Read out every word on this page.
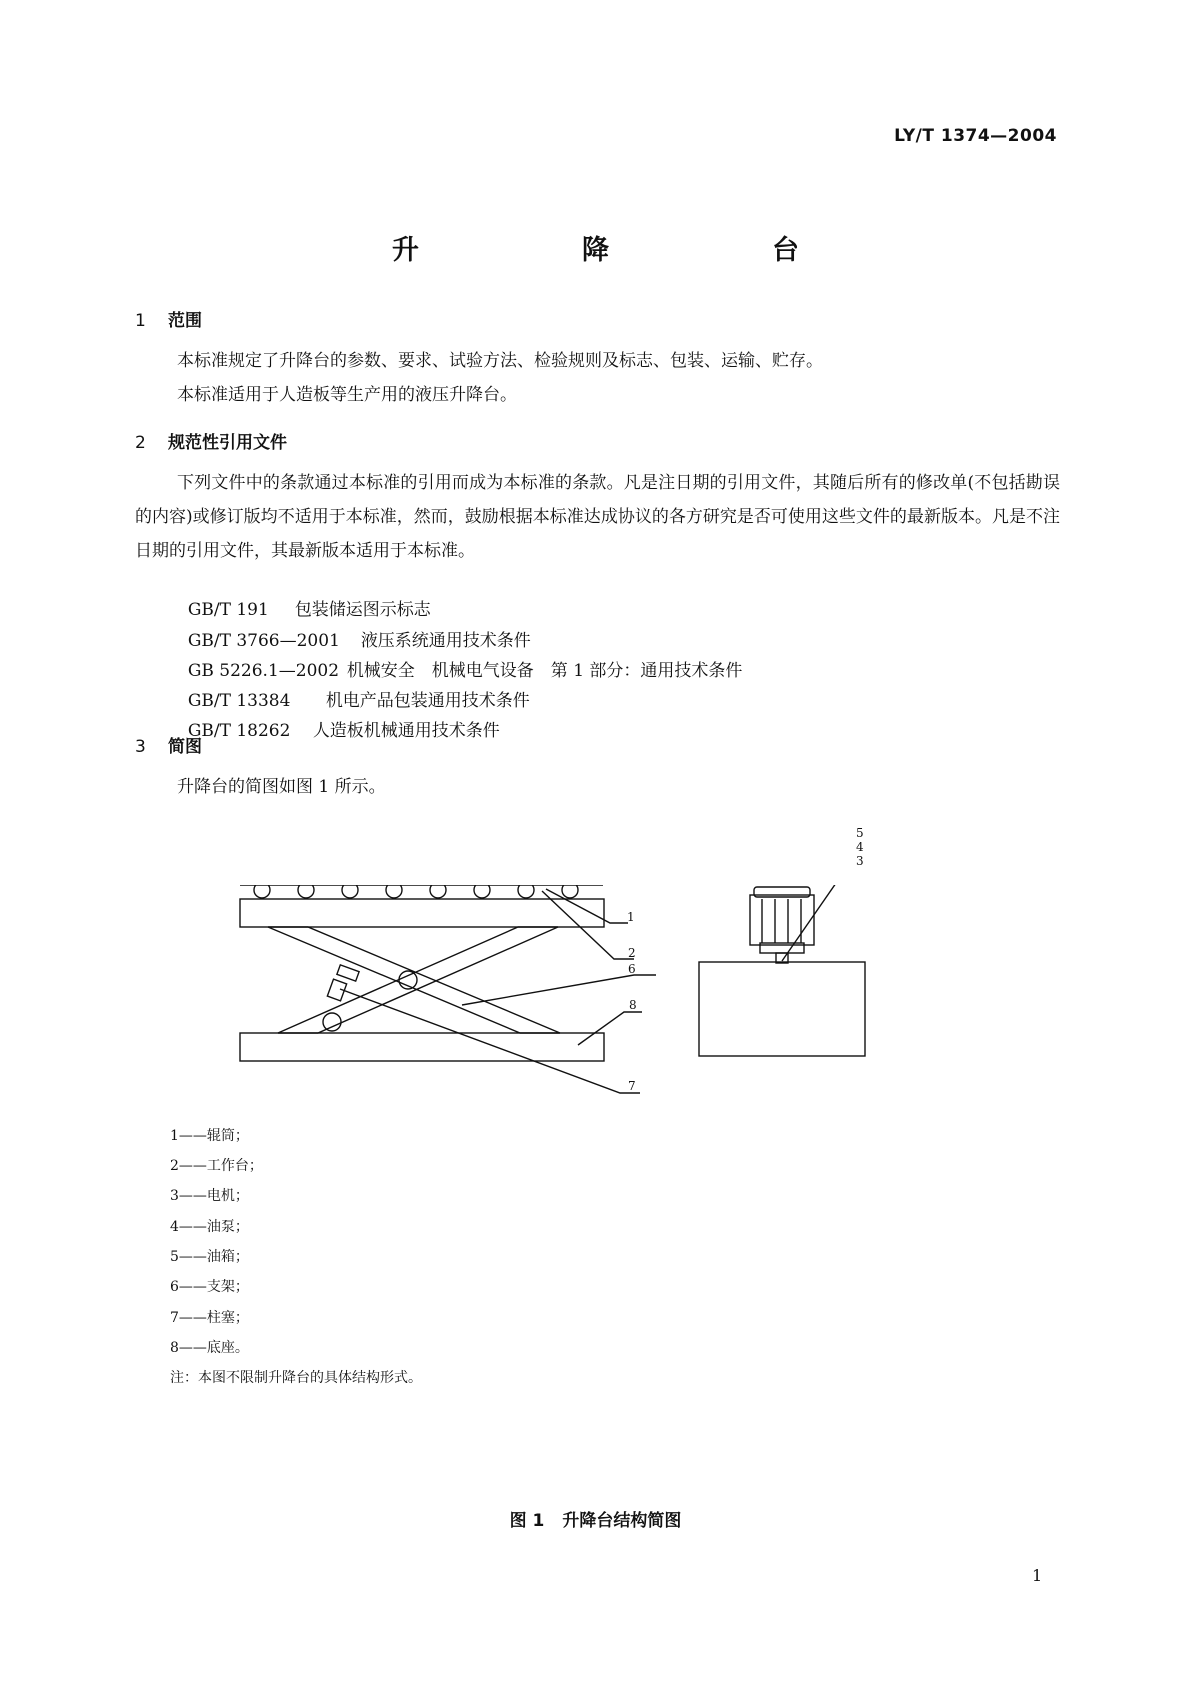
LY/T 1374—2004
升　降　台
1 范围

本标准规定了升降台的参数、要求、试验方法、检验规则及标志、包装、运输、贮存。

本标准适用于人造板等生产用的液压升降台。

2 规范性引用文件

下列文件中的条款通过本标准的引用而成为本标准的条款。凡是注日期的引用文件，其随后所有的修改单(不包括勘误的内容)或修订版均不适用于本标准，然而，鼓励根据本标准达成协议的各方研究是否可使用这些文件的最新版本。凡是不注日期的引用文件，其最新版本适用于本标准。

GB/T 191 包装储运图示标志

GB/T 3766—2001 液压系统通用技术条件

GB 5226.1—2002 机械安全　机械电气设备　第 1 部分：通用技术条件

GB/T 13384 机电产品包装通用技术条件

GB/T 18262 人造板机械通用技术条件

3 简图

升降台的简图如图 1 所示。

1
2
6
8
7
5
4
3
1——辊筒；
2——工作台；
3——电机；
4——油泵；
5——油箱；
6——支架；
7——柱塞；
8——底座。
注：本图不限制升降台的具体结构形式。
图 1 升降台结构简图
1
